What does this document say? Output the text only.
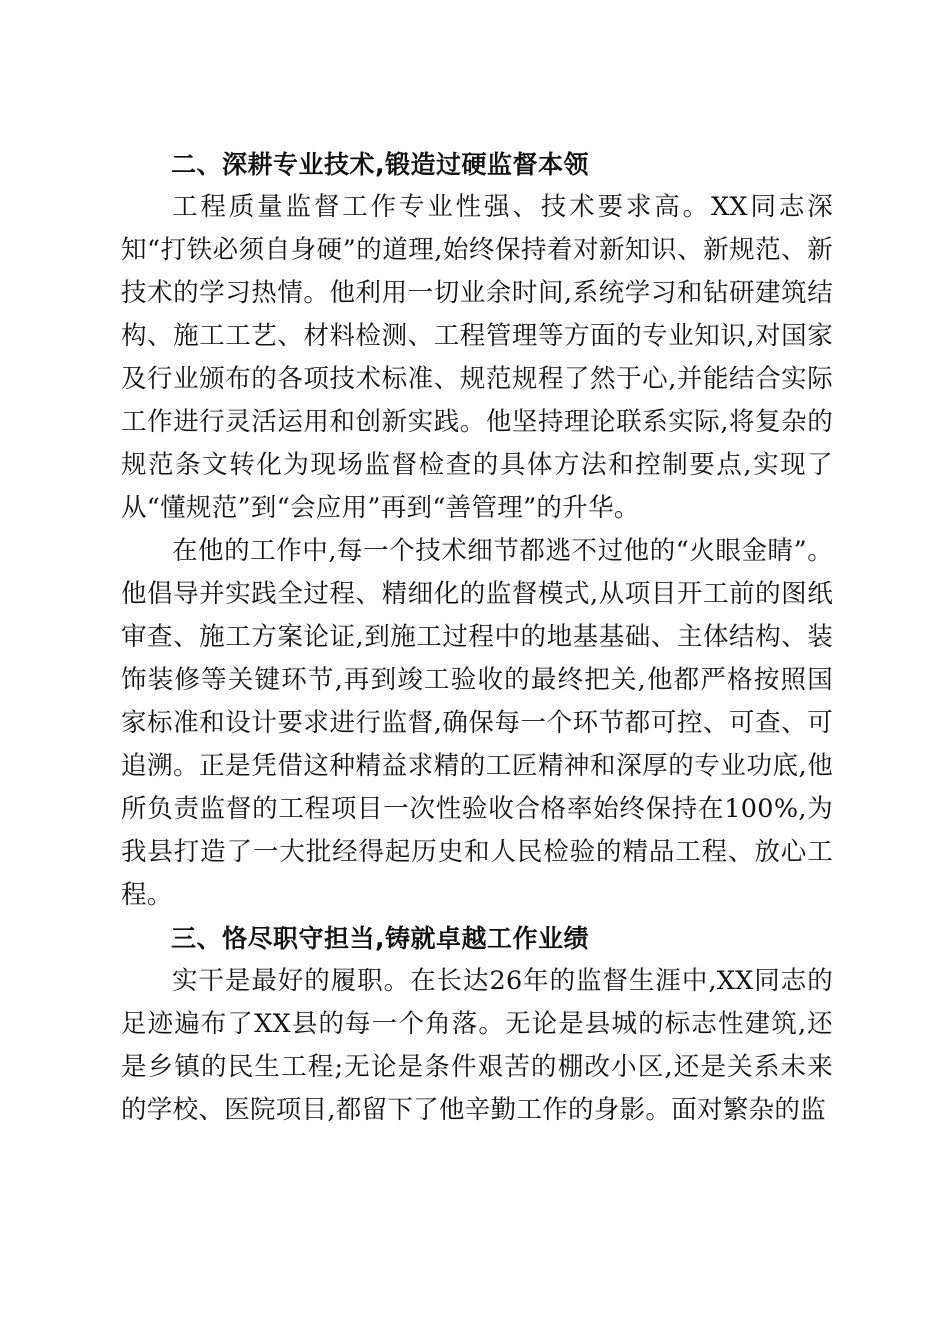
二、深耕专业技术,锻造过硬监督本领

工程质量监督工作专业性强、技术要求高。XX同志深知“打铁必须自身硬”的道理,始终保持着对新知识、新规范、新技术的学习热情。他利用一切业余时间,系统学习和钻研建筑结构、施工工艺、材料检测、工程管理等方面的专业知识,对国家及行业颁布的各项技术标准、规范规程了然于心,并能结合实际工作进行灵活运用和创新实践。他坚持理论联系实际,将复杂的规范条文转化为现场监督检查的具体方法和控制要点,实现了从“懂规范”到“会应用”再到“善管理”的升华。

在他的工作中,每一个技术细节都逃不过他的“火眼金睛”。他倡导并实践全过程、精细化的监督模式,从项目开工前的图纸审查、施工方案论证,到施工过程中的地基基础、主体结构、装饰装修等关键环节,再到竣工验收的最终把关,他都严格按照国家标准和设计要求进行监督,确保每一个环节都可控、可查、可追溯。正是凭借这种精益求精的工匠精神和深厚的专业功底,他所负责监督的工程项目一次性验收合格率始终保持在100%,为我县打造了一大批经得起历史和人民检验的精品工程、放心工程。

三、恪尽职守担当,铸就卓越工作业绩

实干是最好的履职。在长达26年的监督生涯中,XX同志的足迹遍布了XX县的每一个角落。无论是县城的标志性建筑,还是乡镇的民生工程;无论是条件艰苦的棚改小区,还是关系未来的学校、医院项目,都留下了他辛勤工作的身影。面对繁杂的监
